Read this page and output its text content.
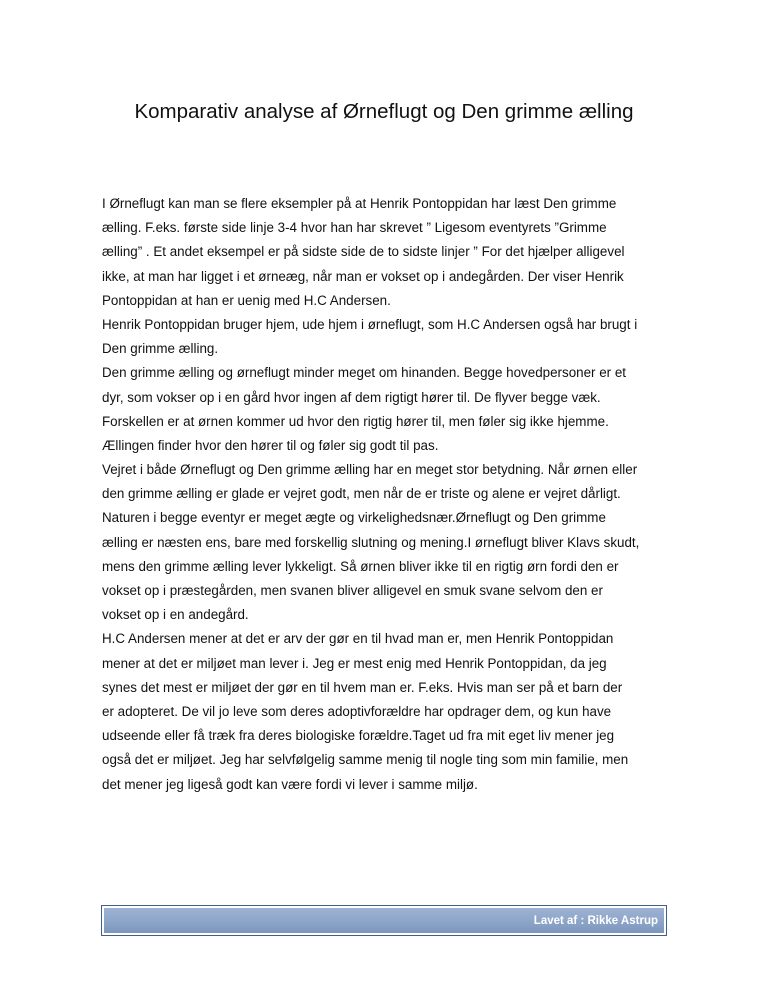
Komparativ analyse af Ørneflugt og Den grimme ælling
I Ørneflugt kan man se flere eksempler på at Henrik Pontoppidan har læst Den grimme
ælling. F.eks. første side linje 3-4 hvor han har skrevet ” Ligesom eventyrets ”Grimme
ælling” . Et andet eksempel er på sidste side de to sidste linjer ” For det hjælper alligevel
ikke, at man har ligget i et ørneæg, når man er vokset op i andegården. Der viser Henrik
Pontoppidan at han er uenig med H.C Andersen.
Henrik Pontoppidan bruger hjem, ude hjem i ørneflugt, som H.C Andersen også har brugt i
Den grimme ælling.
Den grimme ælling og ørneflugt minder meget om hinanden. Begge hovedpersoner er et
dyr, som vokser op i en gård hvor ingen af dem rigtigt hører til. De flyver begge væk.
Forskellen er at ørnen kommer ud hvor den rigtig hører til, men føler sig ikke hjemme.
Ællingen finder hvor den hører til og føler sig godt til pas.
Vejret i både Ørneflugt og Den grimme ælling har en meget stor betydning. Når ørnen eller
den grimme ælling er glade er vejret godt, men når de er triste og alene er vejret dårligt.
Naturen i begge eventyr er meget ægte og virkelighedsnær.Ørneflugt og Den grimme
ælling er næsten ens, bare med forskellig slutning og mening.I ørneflugt bliver Klavs skudt,
mens den grimme ælling lever lykkeligt. Så ørnen bliver ikke til en rigtig ørn fordi den er
vokset op i præstegården, men svanen bliver alligevel en smuk svane selvom den er
vokset op i en andegård.
H.C Andersen mener at det er arv der gør en til hvad man er, men Henrik Pontoppidan
mener at det er miljøet man lever i. Jeg er mest enig med Henrik Pontoppidan, da jeg
synes det mest er miljøet der gør en til hvem man er. F.eks. Hvis man ser på et barn der
er adopteret. De vil jo leve som deres adoptivforældre har opdrager dem, og kun have
udseende eller få træk fra deres biologiske forældre.Taget ud fra mit eget liv mener jeg
også det er miljøet. Jeg har selvfølgelig samme menig til nogle ting som min familie, men
det mener jeg ligeså godt kan være fordi vi lever i samme miljø.
Lavet af : Rikke Astrup
